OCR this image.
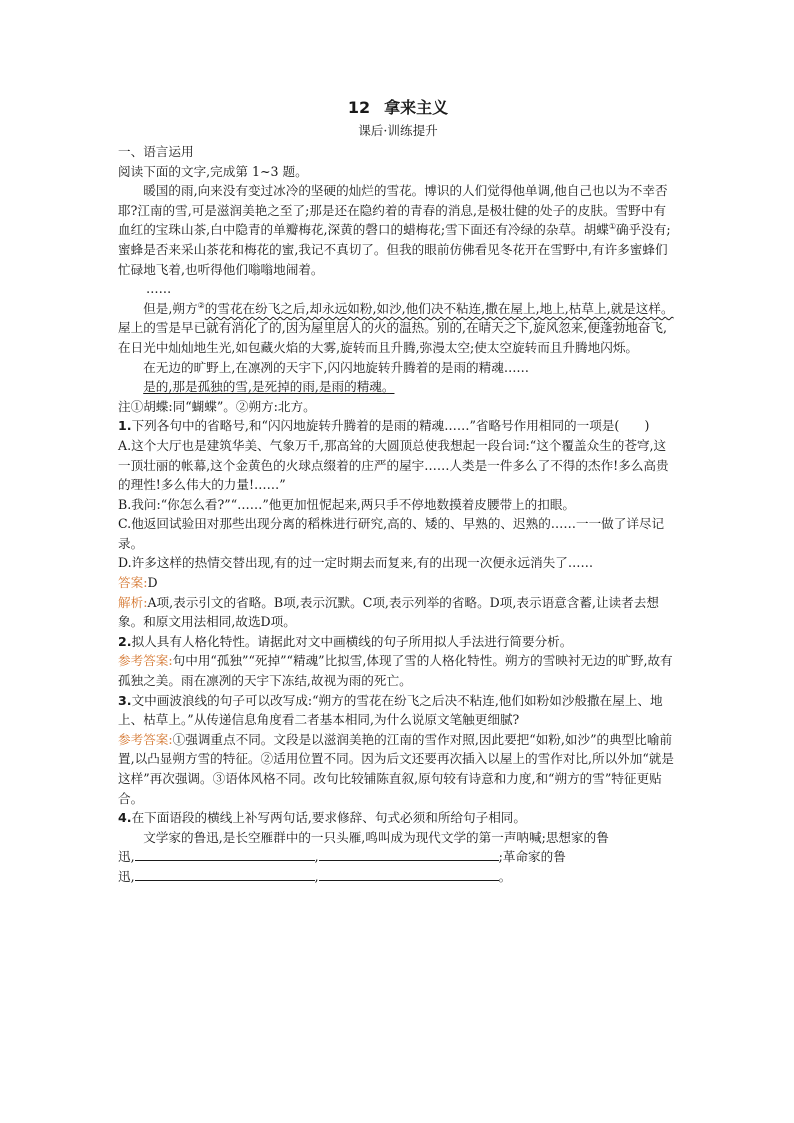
12 拿来主义
课后·训练提升

一、语言运用

阅读下面的文字,完成第 1~3 题。

暖国的雨,向来没有变过冰冷的坚硬的灿烂的雪花。博识的人们觉得他单调,他自己也以为不幸否耶?江南的雪,可是滋润美艳之至了;那是还在隐约着的青春的消息,是极壮健的处子的皮肤。雪野中有血红的宝珠山茶,白中隐青的单瓣梅花,深黄的磬口的蜡梅花;雪下面还有冷绿的杂草。胡蝶①确乎没有;蜜蜂是否来采山茶花和梅花的蜜,我记不真切了。但我的眼前仿佛看见冬花开在雪野中,有许多蜜蜂们忙碌地飞着,也听得他们嗡嗡地闹着。

……

但是,朔方②的雪花在纷飞之后,却永远如粉,如沙,他们决不粘连,撒在屋上,地上,枯草上,就是这样。屋上的雪是早已就有消化了的,因为屋里居人的火的温热。别的,在晴天之下,旋风忽来,便蓬勃地奋飞,在日光中灿灿地生光,如包藏火焰的大雾,旋转而且升腾,弥漫太空;使太空旋转而且升腾地闪烁。

在无边的旷野上,在凛冽的天宇下,闪闪地旋转升腾着的是雨的精魂……

是的,那是孤独的雪,是死掉的雨,是雨的精魂。

注①胡蝶:同“蝴蝶”。②朔方:北方。

1.下列各句中的省略号,和“闪闪地旋转升腾着的是雨的精魂……”省略号作用相同的一项是(　　)

A.这个大厅也是建筑华美、气象万千,那高耸的大圆顶总使我想起一段台词:“这个覆盖众生的苍穹,这一顶壮丽的帐幕,这个金黄色的火球点缀着的庄严的屋宇……人类是一件多么了不得的杰作!多么高贵的理性!多么伟大的力量!……”

B.我问:“你怎么看?”“……”他更加忸怩起来,两只手不停地数摸着皮腰带上的扣眼。

C.他返回试验田对那些出现分离的稻株进行研究,高的、矮的、早熟的、迟熟的……一一做了详尽记录。

D.许多这样的热情交替出现,有的过一定时期去而复来,有的出现一次便永远消失了……

答案:D

解析:A项,表示引文的省略。B项,表示沉默。C项,表示列举的省略。D项,表示语意含蓄,让读者去想象。和原文用法相同,故选D项。

2.拟人具有人格化特性。请据此对文中画横线的句子所用拟人手法进行简要分析。

参考答案:句中用“孤独”“死掉”“精魂”比拟雪,体现了雪的人格化特性。朔方的雪映衬无边的旷野,故有孤独之美。雨在凛冽的天宇下冻结,故视为雨的死亡。

3.文中画波浪线的句子可以改写成:“朔方的雪花在纷飞之后决不粘连,他们如粉如沙般撒在屋上、地上、枯草上。”从传递信息角度看二者基本相同,为什么说原文笔触更细腻?

参考答案:①强调重点不同。文段是以滋润美艳的江南的雪作对照,因此要把“如粉,如沙”的典型比喻前置,以凸显朔方雪的特征。②适用位置不同。因为后文还要再次插入以屋上的雪作对比,所以外加“就是这样”再次强调。③语体风格不同。改句比较铺陈直叙,原句较有诗意和力度,和“朔方的雪”特征更贴合。

4.在下面语段的横线上补写两句话,要求修辞、句式必须和所给句子相同。

文学家的鲁迅,是长空雁群中的一只头雁,鸣叫成为现代文学的第一声呐喊;思想家的鲁

迅,	,	;革命家的鲁

迅,	,	。
